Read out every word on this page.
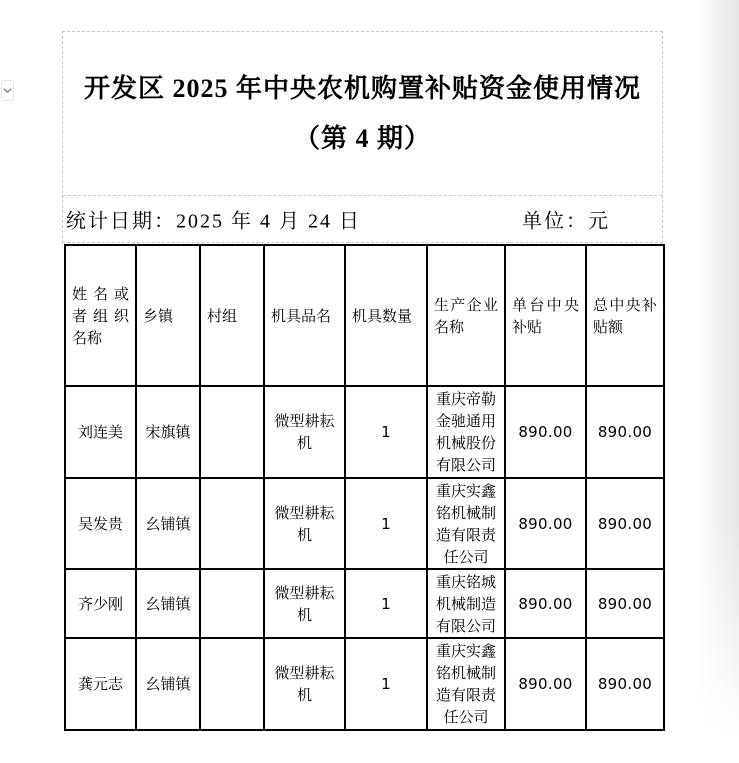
开发区 2025 年中央农机购置补贴资金使用情况
（第 4 期）
统计日期：2025 年 4 月 24 日	单位：元
姓名或者组织名称	乡镇	村组	机具品名	机具数量	生产企业名称	单台中央补贴	总中央补贴额
刘连美	宋旗镇		微型耕耘机	1	重庆帝勒金驰通用机械股份有限公司	890.00	890.00
吴发贵	幺铺镇		微型耕耘机	1	重庆实鑫铭机械制造有限责任公司	890.00	890.00
齐少刚	幺铺镇		微型耕耘机	1	重庆铭城机械制造有限公司	890.00	890.00
龚元志	幺铺镇		微型耕耘机	1	重庆实鑫铭机械制造有限责任公司	890.00	890.00
